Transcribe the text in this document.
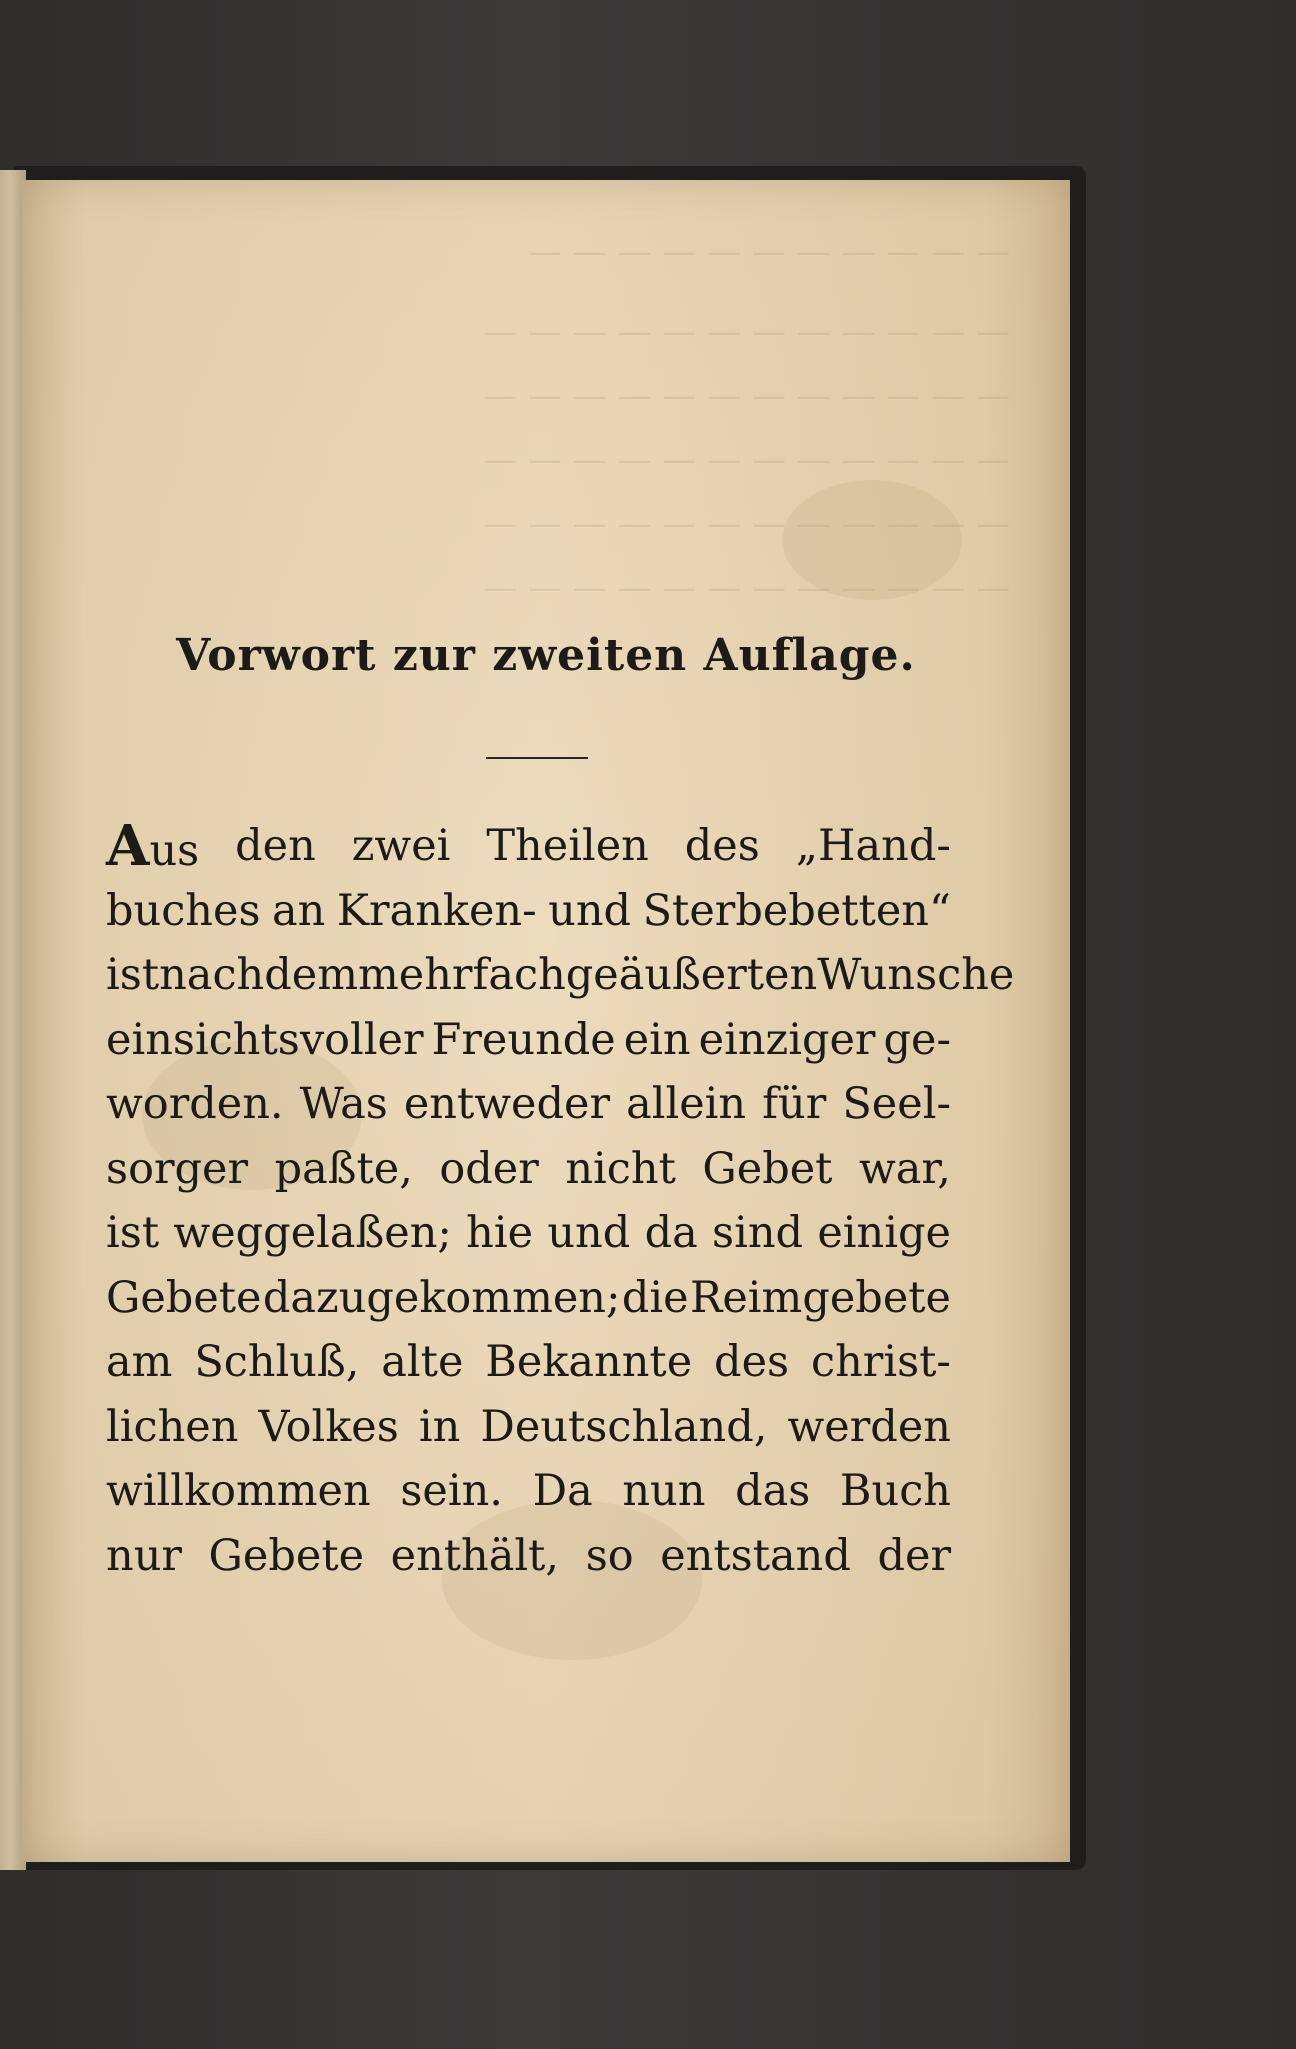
— — — — — — — — — — —
— — — — — — — — — — — —
— — — — — — — — — — — —
— — — — — — — — — — — —
— — — — — — — — — — — —
— — — — — — — — — — — —
Vorwort zur zweiten Auflage.
Aus den zwei Theilen des „Hand-
buches an Kranken- und Sterbebetten“
ist nach dem mehrfach geäußerten Wunsche
einsichtsvoller Freunde ein einziger ge-
worden. Was entweder allein für Seel-
sorger paßte, oder nicht Gebet war,
ist weggelaßen; hie und da sind einige
Gebete dazugekommen; die Reimgebete
am Schluß, alte Bekannte des christ-
lichen Volkes in Deutschland, werden
willkommen sein. Da nun das Buch
nur Gebete enthält, so entstand der
